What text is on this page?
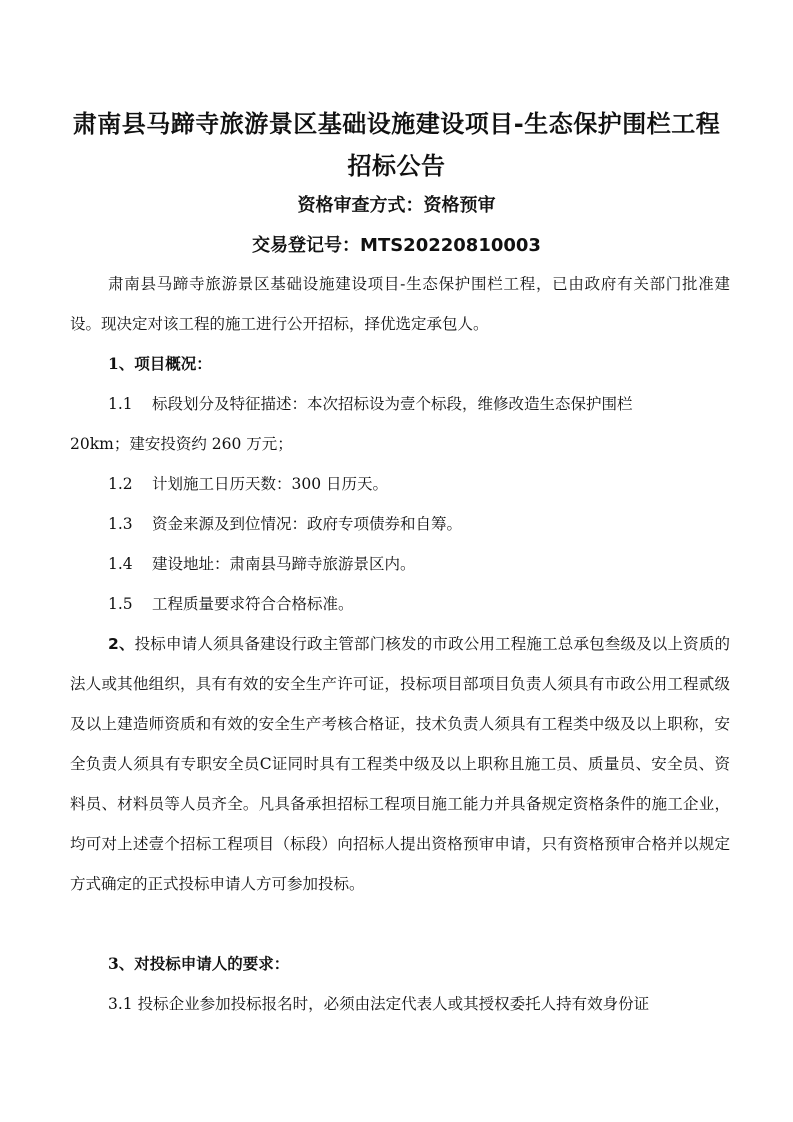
肃南县马蹄寺旅游景区基础设施建设项目-生态保护围栏工程
招标公告
资格审查方式：资格预审
交易登记号：MTS20220810003
肃南县马蹄寺旅游景区基础设施建设项目-生态保护围栏工程，已由政府有关部门批准建设。现决定对该工程的施工进行公开招标，择优选定承包人。
1、项目概况：
1.1 标段划分及特征描述：本次招标设为壹个标段，维修改造生态保护围栏
20km；建安投资约 260 万元；
1.2 计划施工日历天数：300 日历天。
1.3 资金来源及到位情况：政府专项债券和自筹。
1.4 建设地址：肃南县马蹄寺旅游景区内。
1.5 工程质量要求符合合格标准。
2、投标申请人须具备建设行政主管部门核发的市政公用工程施工总承包叁级及以上资质的法人或其他组织，具有有效的安全生产许可证，投标项目部项目负责人须具有市政公用工程贰级及以上建造师资质和有效的安全生产考核合格证，技术负责人须具有工程类中级及以上职称，安全负责人须具有专职安全员C证同时具有工程类中级及以上职称且施工员、质量员、安全员、资料员、材料员等人员齐全。凡具备承担招标工程项目施工能力并具备规定资格条件的施工企业，均可对上述壹个招标工程项目（标段）向招标人提出资格预审申请，只有资格预审合格并以规定方式确定的正式投标申请人方可参加投标。
3、对投标申请人的要求：
3.1 投标企业参加投标报名时，必须由法定代表人或其授权委托人持有效身份证
